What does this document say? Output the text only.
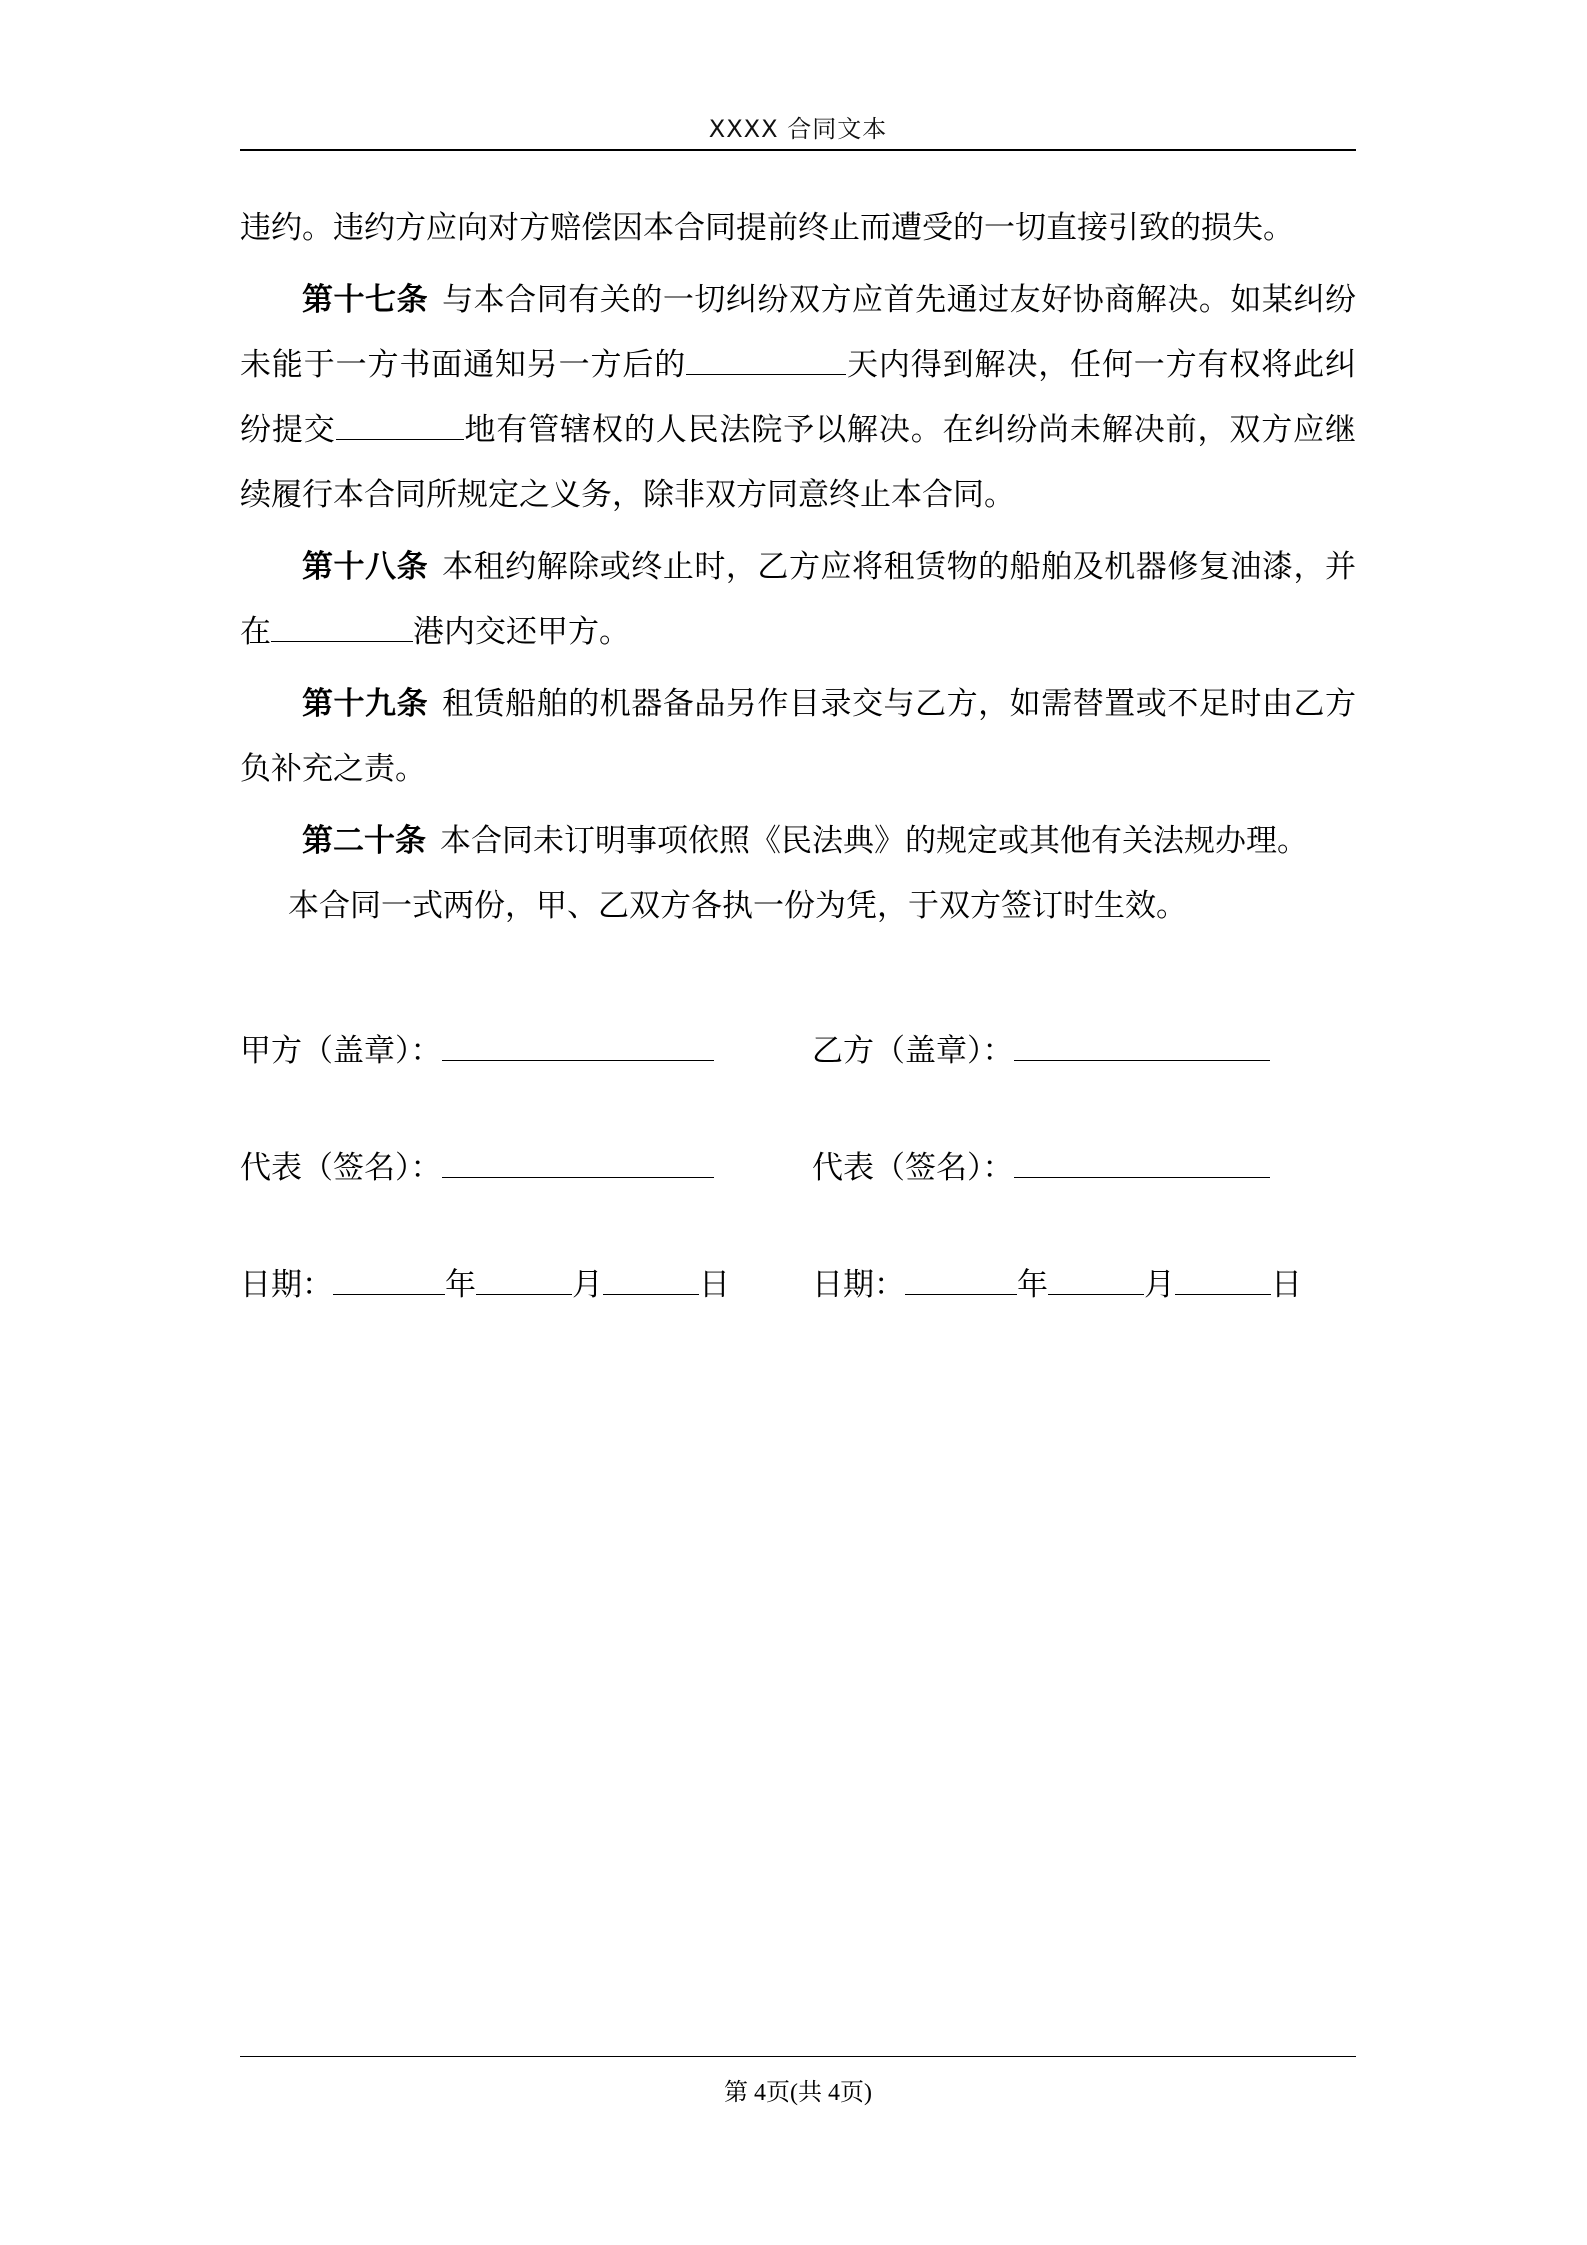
XXXX 合同文本

违约。违约方应向对方赔偿因本合同提前终止而遭受的一切直接引致的损失。

第十七条 与本合同有关的一切纠纷双方应首先通过友好协商解决。如某纠纷未能于一方书面通知另一方后的	天内得到解决，任何一方有权将此纠纷提交	地有管辖权的人民法院予以解决。在纠纷尚未解决前，双方应继续履行本合同所规定之义务，除非双方同意终止本合同。

第十八条 本租约解除或终止时，乙方应将租赁物的船舶及机器修复油漆，并在	港内交还甲方。

第十九条 租赁船舶的机器备品另作目录交与乙方，如需替置或不足时由乙方负补充之责。

第二十条 本合同未订明事项依照《民法典》的规定或其他有关法规办理。

本合同一式两份，甲、乙双方各执一份为凭，于双方签订时生效。

甲方（盖章）：	乙方（盖章）：
代表（签名）：	代表（签名）：
日期：	年	月	日	日期：	年	月	日
第 4页(共 4页)
